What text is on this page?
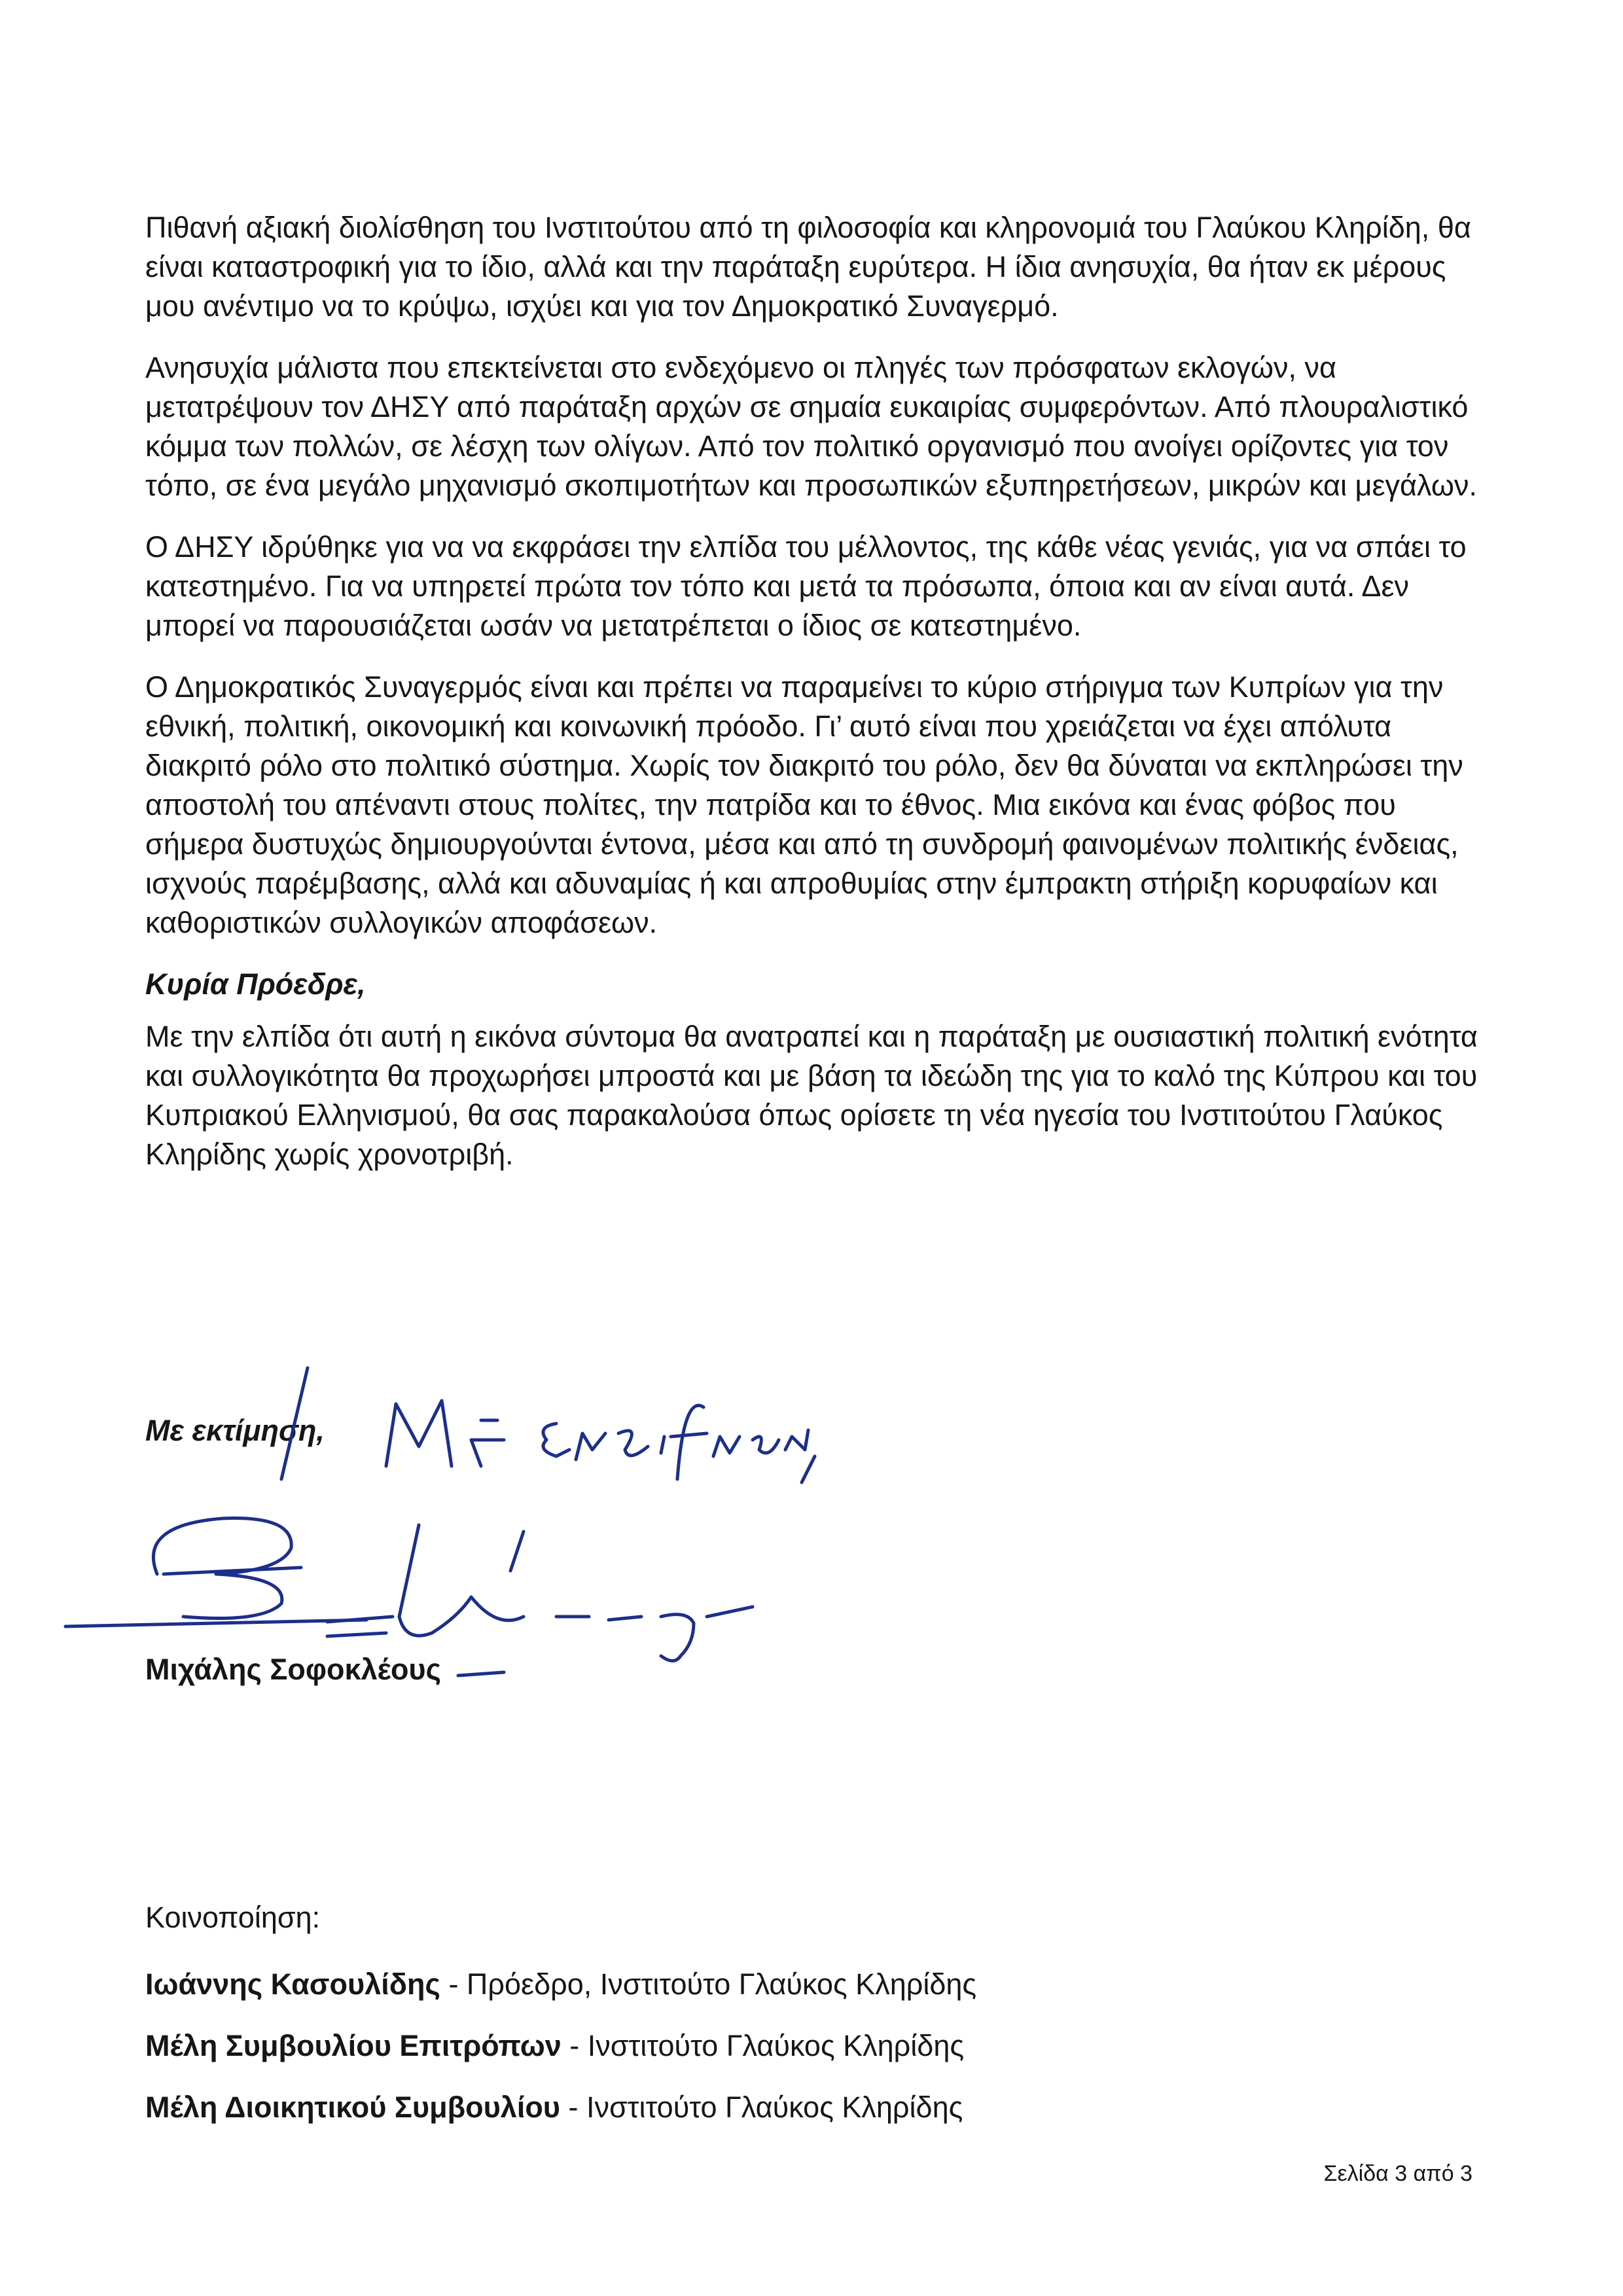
Πιθανή αξιακή διολίσθηση του Ινστιτούτου από τη φιλοσοφία και κληρονομιά του Γλαύκου Κληρίδη, θα είναι καταστροφική για το ίδιο, αλλά και την παράταξη ευρύτερα. Η ίδια ανησυχία, θα ήταν εκ μέρους μου ανέντιμο να το κρύψω, ισχύει και για τον Δημοκρατικό Συναγερμό.

Ανησυχία μάλιστα που επεκτείνεται στο ενδεχόμενο οι πληγές των πρόσφατων εκλογών, να μετατρέψουν τον ΔΗΣΥ από παράταξη αρχών σε σημαία ευκαιρίας συμφερόντων. Από πλουραλιστικό κόμμα των πολλών, σε λέσχη των ολίγων. Από τον πολιτικό οργανισμό που ανοίγει ορίζοντες για τον τόπο, σε ένα μεγάλο μηχανισμό σκοπιμοτήτων και προσωπικών εξυπηρετήσεων, μικρών και μεγάλων.

Ο ΔΗΣΥ ιδρύθηκε για να να εκφράσει την ελπίδα του μέλλοντος, της κάθε νέας γενιάς, για να σπάει το κατεστημένο. Για να υπηρετεί πρώτα τον τόπο και μετά τα πρόσωπα, όποια και αν είναι αυτά. Δεν μπορεί να παρουσιάζεται ωσάν να μετατρέπεται ο ίδιος σε κατεστημένο.

Ο Δημοκρατικός Συναγερμός είναι και πρέπει να παραμείνει το κύριο στήριγμα των Κυπρίων για την εθνική, πολιτική, οικονομική και κοινωνική πρόοδο. Γι’ αυτό είναι που χρειάζεται να έχει απόλυτα διακριτό ρόλο στο πολιτικό σύστημα. Χωρίς τον διακριτό του ρόλο, δεν θα δύναται να εκπληρώσει την αποστολή του απέναντι στους πολίτες, την πατρίδα και το έθνος. Μια εικόνα και ένας φόβος που σήμερα δυστυχώς δημιουργούνται έντονα, μέσα και από τη συνδρομή φαινομένων πολιτικής ένδειας, ισχνούς παρέμβασης, αλλά και αδυναμίας ή και απροθυμίας στην έμπρακτη στήριξη κορυφαίων και καθοριστικών συλλογικών αποφάσεων.

Κυρία Πρόεδρε,

Με την ελπίδα ότι αυτή η εικόνα σύντομα θα ανατραπεί και η παράταξη με ουσιαστική πολιτική ενότητα και συλλογικότητα θα προχωρήσει μπροστά και με βάση τα ιδεώδη της για το καλό της Κύπρου και του Κυπριακού Ελληνισμού, θα σας παρακαλούσα όπως ορίσετε τη νέα ηγεσία του Ινστιτούτου Γλαύκος Κληρίδης χωρίς χρονοτριβή.

Με εκτίμηση,
Μιχάλης Σοφοκλέους
Κοινοποίηση:
Ιωάννης Κασουλίδης - Πρόεδρο, Ινστιτούτο Γλαύκος Κληρίδης
Μέλη Συμβουλίου Επιτρόπων - Ινστιτούτο Γλαύκος Κληρίδης
Μέλη Διοικητικού Συμβουλίου - Ινστιτούτο Γλαύκος Κληρίδης
Σελίδα 3 από 3
